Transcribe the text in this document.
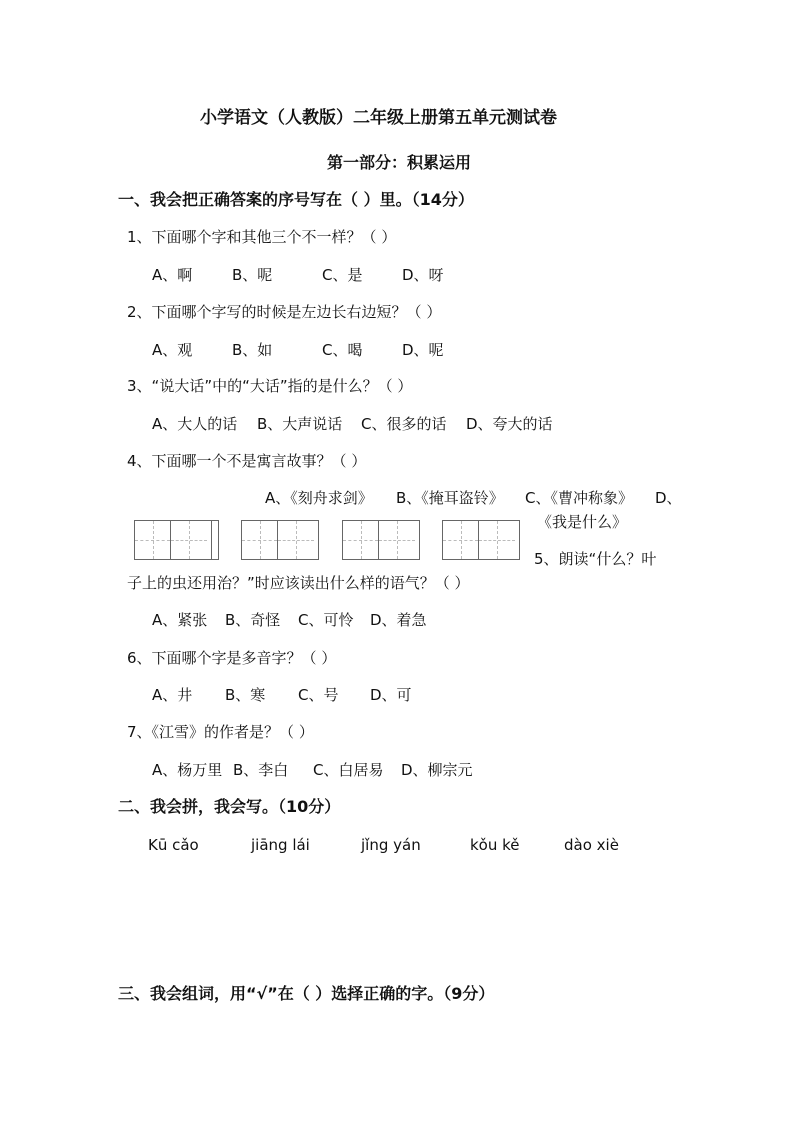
小学语文（人教版）二年级上册第五单元测试卷
第一部分：积累运用
一、我会把正确答案的序号写在（ ）里。（14分）
1、下面哪个字和其他三个不一样？（ ）
A、啊	B、呢	C、是	D、呀
2、下面哪个字写的时候是左边长右边短？（ ）
A、观	B、如	C、喝	D、呢
3、“说大话”中的“大话”指的是什么？（ ）
A、大人的话 B、大声说话 C、很多的话 D、夸大的话
4、下面哪一个不是寓言故事？（ ）
A、《刻舟求剑》 B、《掩耳盗铃》 C、《曹冲称象》 D、
《我是什么》
5、朗读“什么？叶
子上的虫还用治？”时应该读出什么样的语气？（ ）
A、紧张 B、奇怪 C、可怜 D、着急
6、下面哪个字是多音字？（ ）
A、井 B、寒 C、号 D、可
7、《江雪》的作者是？（ ）
A、杨万里 B、李白 C、白居易 D、柳宗元
二、我会拼，我会写。（10分）
Kū cǎo	jiāng lái	jǐng yán	kǒu kě	dào xiè
三、我会组词，用“√”在（ ）选择正确的字。（9分）
